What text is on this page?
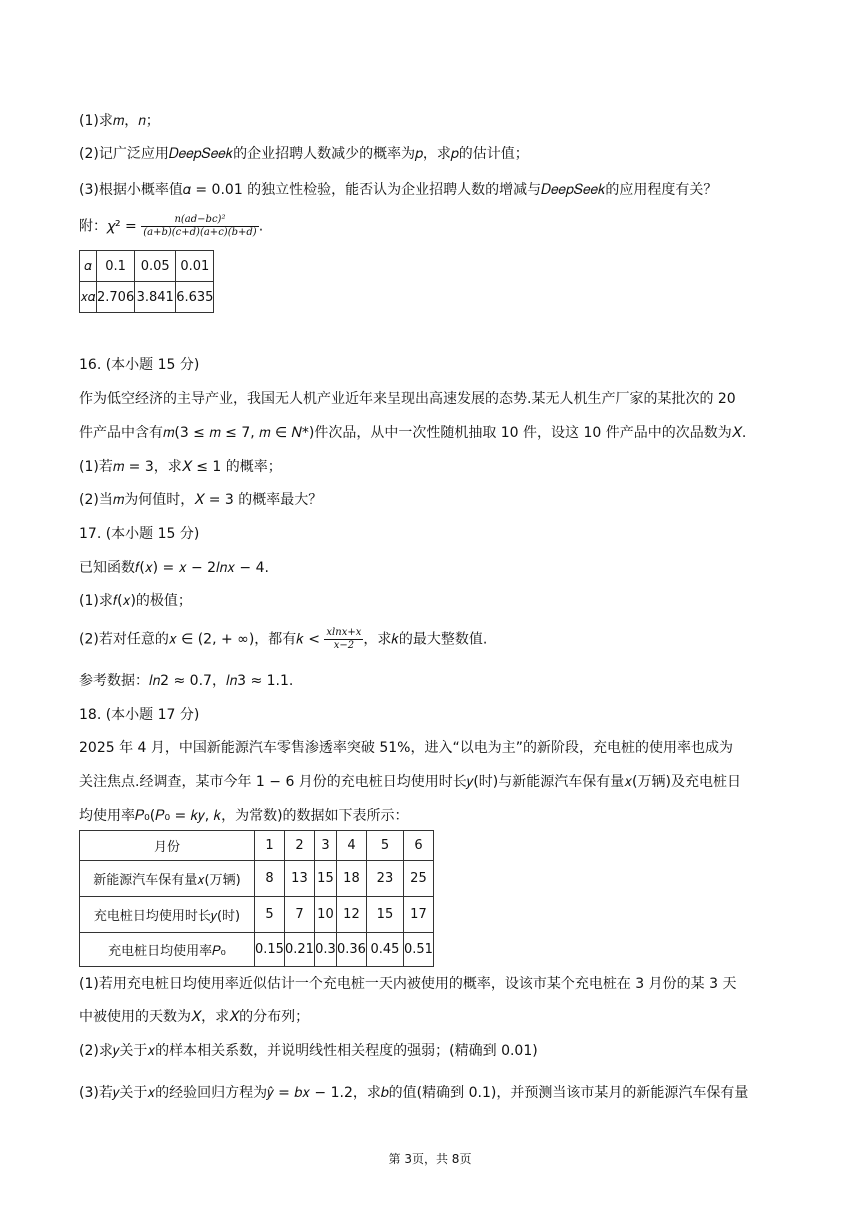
(1)求𝑚，𝑛；
(2)记广泛应用𝐷𝑒𝑒𝑝𝑆𝑒𝑒𝑘的企业招聘人数减少的概率为𝑝，求𝑝的估计值；
(3)根据小概率值𝛼 = 0.01 的独立性检验，能否认为企业招聘人数的增减与𝐷𝑒𝑒𝑝𝑆𝑒𝑒𝑘的应用程度有关？
附：𝜒² = $\frac{\text{n(ad−bc)²}}{(a+b)(c+d)(a+c)(b+d)}$ .
𝛼	0.1	0.05	0.01
𝑥𝛼	2.706	3.841	6.635
16. (本小题 15 分)
作为低空经济的主导产业，我国无人机产业近年来呈现出高速发展的态势.某无人机生产厂家的某批次的 20
件产品中含有𝑚(3 ≤ 𝑚 ≤ 7, 𝑚 ∈ 𝑁*)件次品，从中一次性随机抽取 10 件，设这 10 件产品中的次品数为𝑋.
(1)若𝑚 = 3，求𝑋 ≤ 1 的概率；
(2)当𝑚为何值时，𝑋 = 3 的概率最大？
17. (本小题 15 分)
已知函数𝑓(𝑥) = 𝑥 − 2𝑙𝑛𝑥 − 4.
(1)求𝑓(𝑥)的极值；
(2)若对任意的𝑥 ∈ (2, + ∞)，都有𝑘 < $\frac{xlnx+x}{x-2}$ ，求𝑘的最大整数值.
参考数据：𝑙𝑛2 ≈ 0.7，𝑙𝑛3 ≈ 1.1.
18. (本小题 17 分)
2025 年 4 月，中国新能源汽车零售渗透率突破 51%，进入“以电为主”的新阶段，充电桩的使用率也成为
关注焦点.经调查，某市今年 1 − 6 月份的充电桩日均使用时长𝑦(时)与新能源汽车保有量𝑥(万辆)及充电桩日
均使用率𝑃₀(𝑃₀ = 𝑘𝑦, 𝑘，为常数)的数据如下表所示：
月份	1	2	3	4	5	6
新能源汽车保有量𝑥(万辆)	8	13	15	18	23	25
充电桩日均使用时长𝑦(时)	5	7	10	12	15	17
充电桩日均使用率𝑃₀	0.15	0.21	0.3	0.36	0.45	0.51
(1)若用充电桩日均使用率近似估计一个充电桩一天内被使用的概率，设该市某个充电桩在 3 月份的某 3 天
中被使用的天数为𝑋，求𝑋的分布列；
(2)求𝑦关于𝑥的样本相关系数，并说明线性相关程度的强弱；(精确到 0.01)
(3)若𝑦关于𝑥的经验回归方程为𝑦̂ = 𝑏𝑥 − 1.2，求𝑏的值(精确到 0.1)，并预测当该市某月的新能源汽车保有量
第 3页，共 8页
